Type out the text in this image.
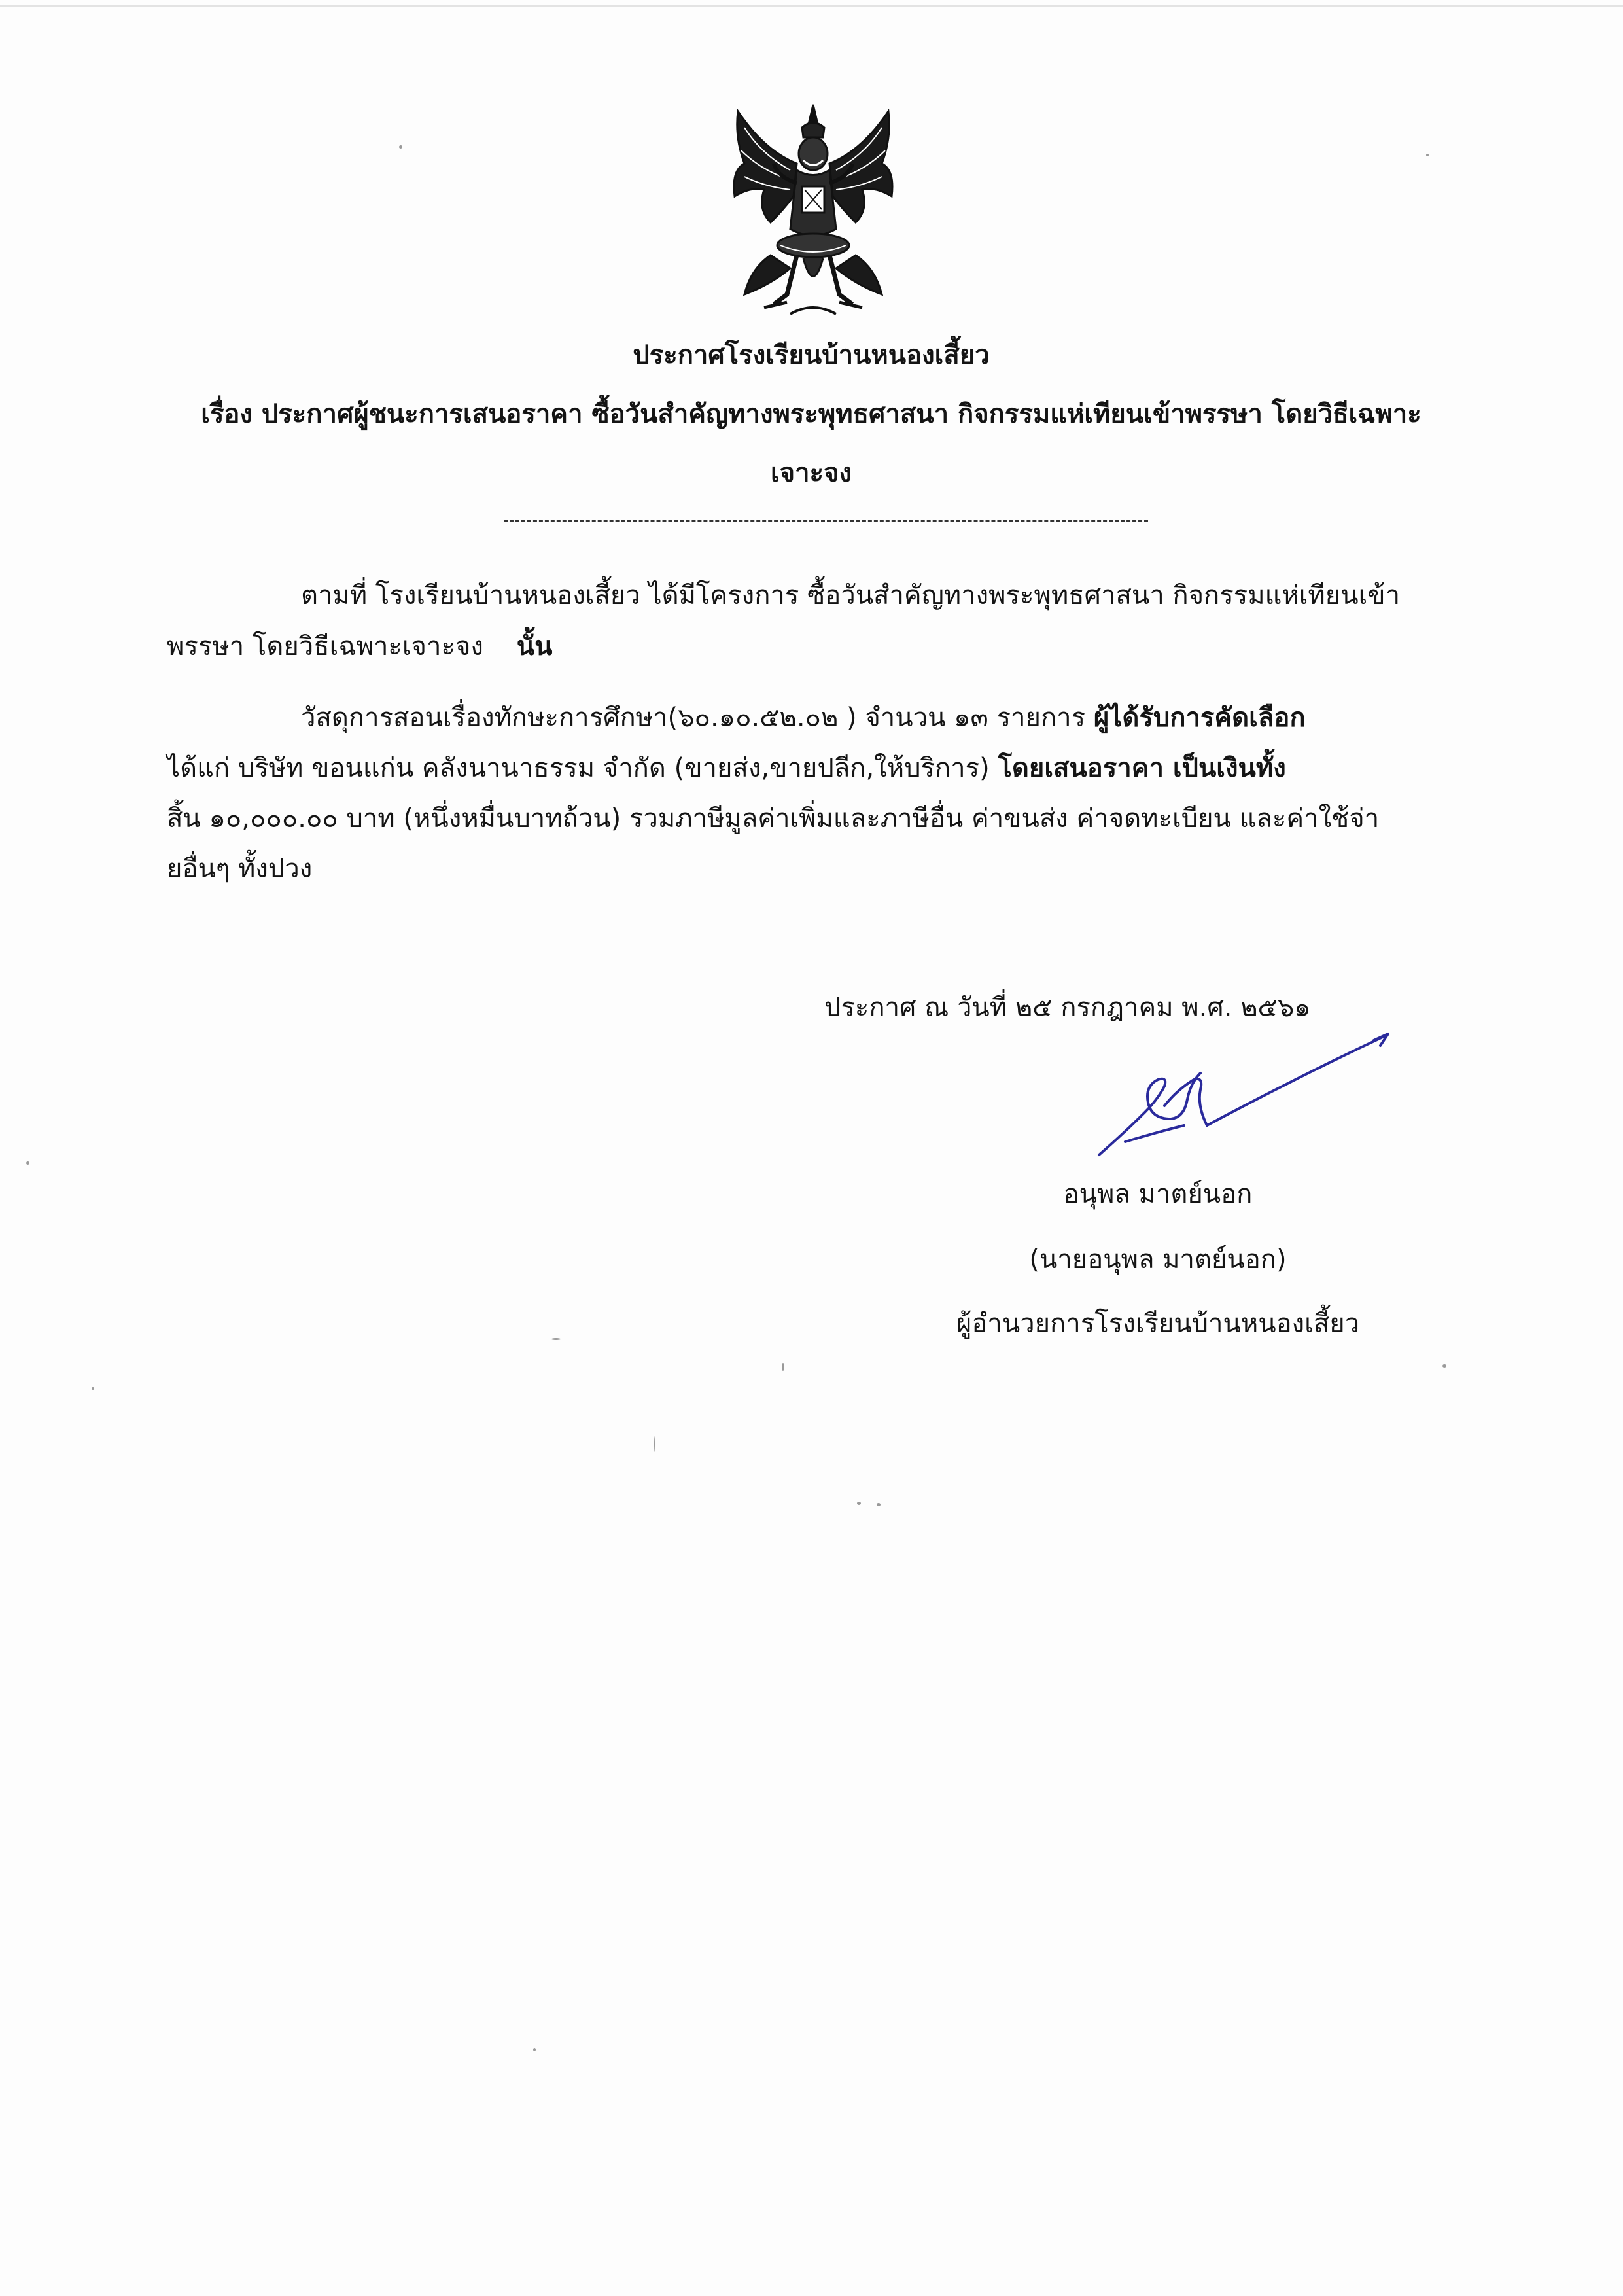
ประกาศโรงเรียนบ้านหนองเสี้ยว
เรื่อง ประกาศผู้ชนะการเสนอราคา ซื้อวันสำคัญทางพระพุทธศาสนา กิจกรรมแห่เทียนเข้าพรรษา โดยวิธีเฉพาะ
เจาะจง
ตามที่ โรงเรียนบ้านหนองเสี้ยว ได้มีโครงการ ซื้อวันสำคัญทางพระพุทธศาสนา กิจกรรมแห่เทียนเข้า
พรรษา โดยวิธีเฉพาะเจาะจง นั้น
วัสดุการสอนเรื่องทักษะการศึกษา(๖๐.๑๐.๕๒.๐๒ ) จำนวน ๑๓ รายการ ผู้ได้รับการคัดเลือก
ได้แก่ บริษัท ขอนแก่น คลังนานาธรรม จำกัด (ขายส่ง,ขายปลีก,ให้บริการ) โดยเสนอราคา เป็นเงินทั้ง
สิ้น ๑๐,๐๐๐.๐๐ บาท (หนึ่งหมื่นบาทถ้วน) รวมภาษีมูลค่าเพิ่มและภาษีอื่น ค่าขนส่ง ค่าจดทะเบียน และค่าใช้จ่า
ยอื่นๆ ทั้งปวง
ประกาศ ณ วันที่ ๒๕ กรกฎาคม พ.ศ. ๒๕๖๑
อนุพล มาตย์นอก
(นายอนุพล มาตย์นอก)
ผู้อำนวยการโรงเรียนบ้านหนองเสี้ยว
